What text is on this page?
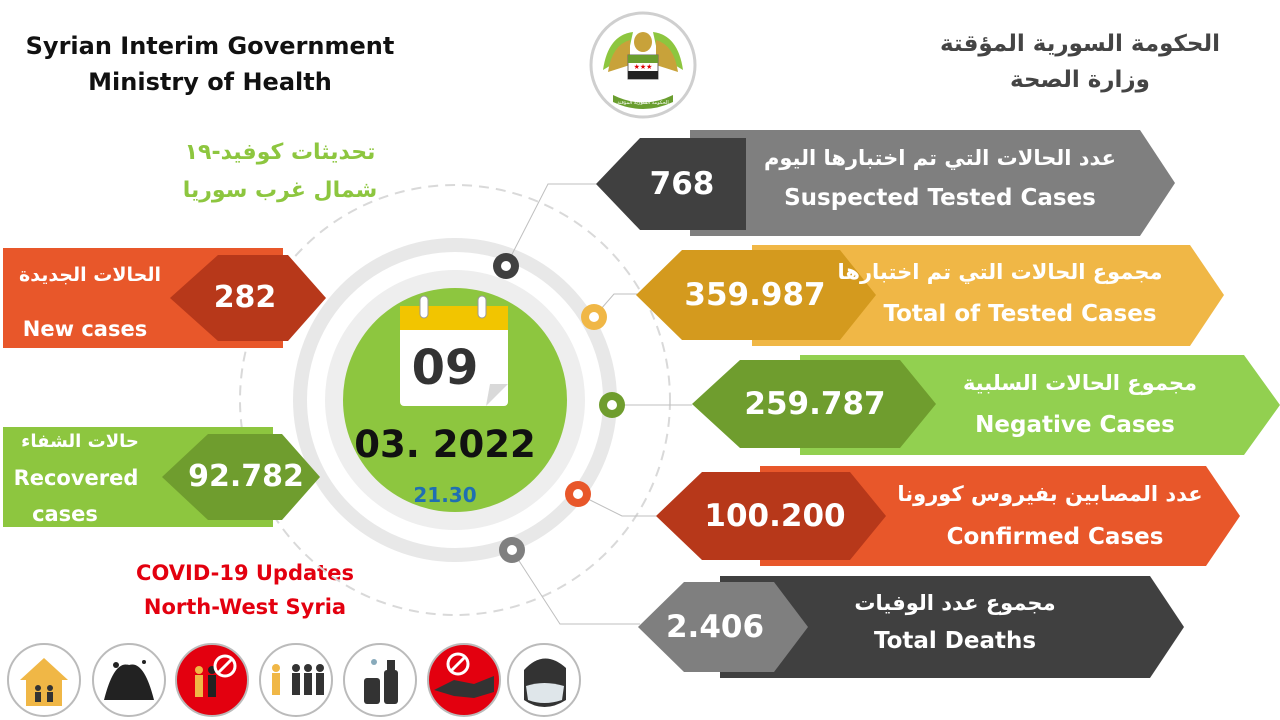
Syrian Interim Government
Ministry of Health
الحكومة السورية المؤقتة
وزارة الصحة
★★★
الحكومة السورية المؤقتة
تحديثات كوفيد-١٩
شمال غرب سوريا
COVID-19 Updates
North-West Syria
09
03. 2022
21.30
الحالات الجديدة
New cases
282
حالات الشفاء
Recovered
cases
92.782
عدد الحالات التي تم اختبارها اليوم
Suspected Tested Cases
768
مجموع الحالات التي تم اختبارها
Total of Tested Cases
359.987
مجموع الحالات السلبية
Negative Cases
259.787
عدد المصابين بفيروس كورونا
Confirmed Cases
100.200
مجموع عدد الوفيات
Total Deaths
2.406
